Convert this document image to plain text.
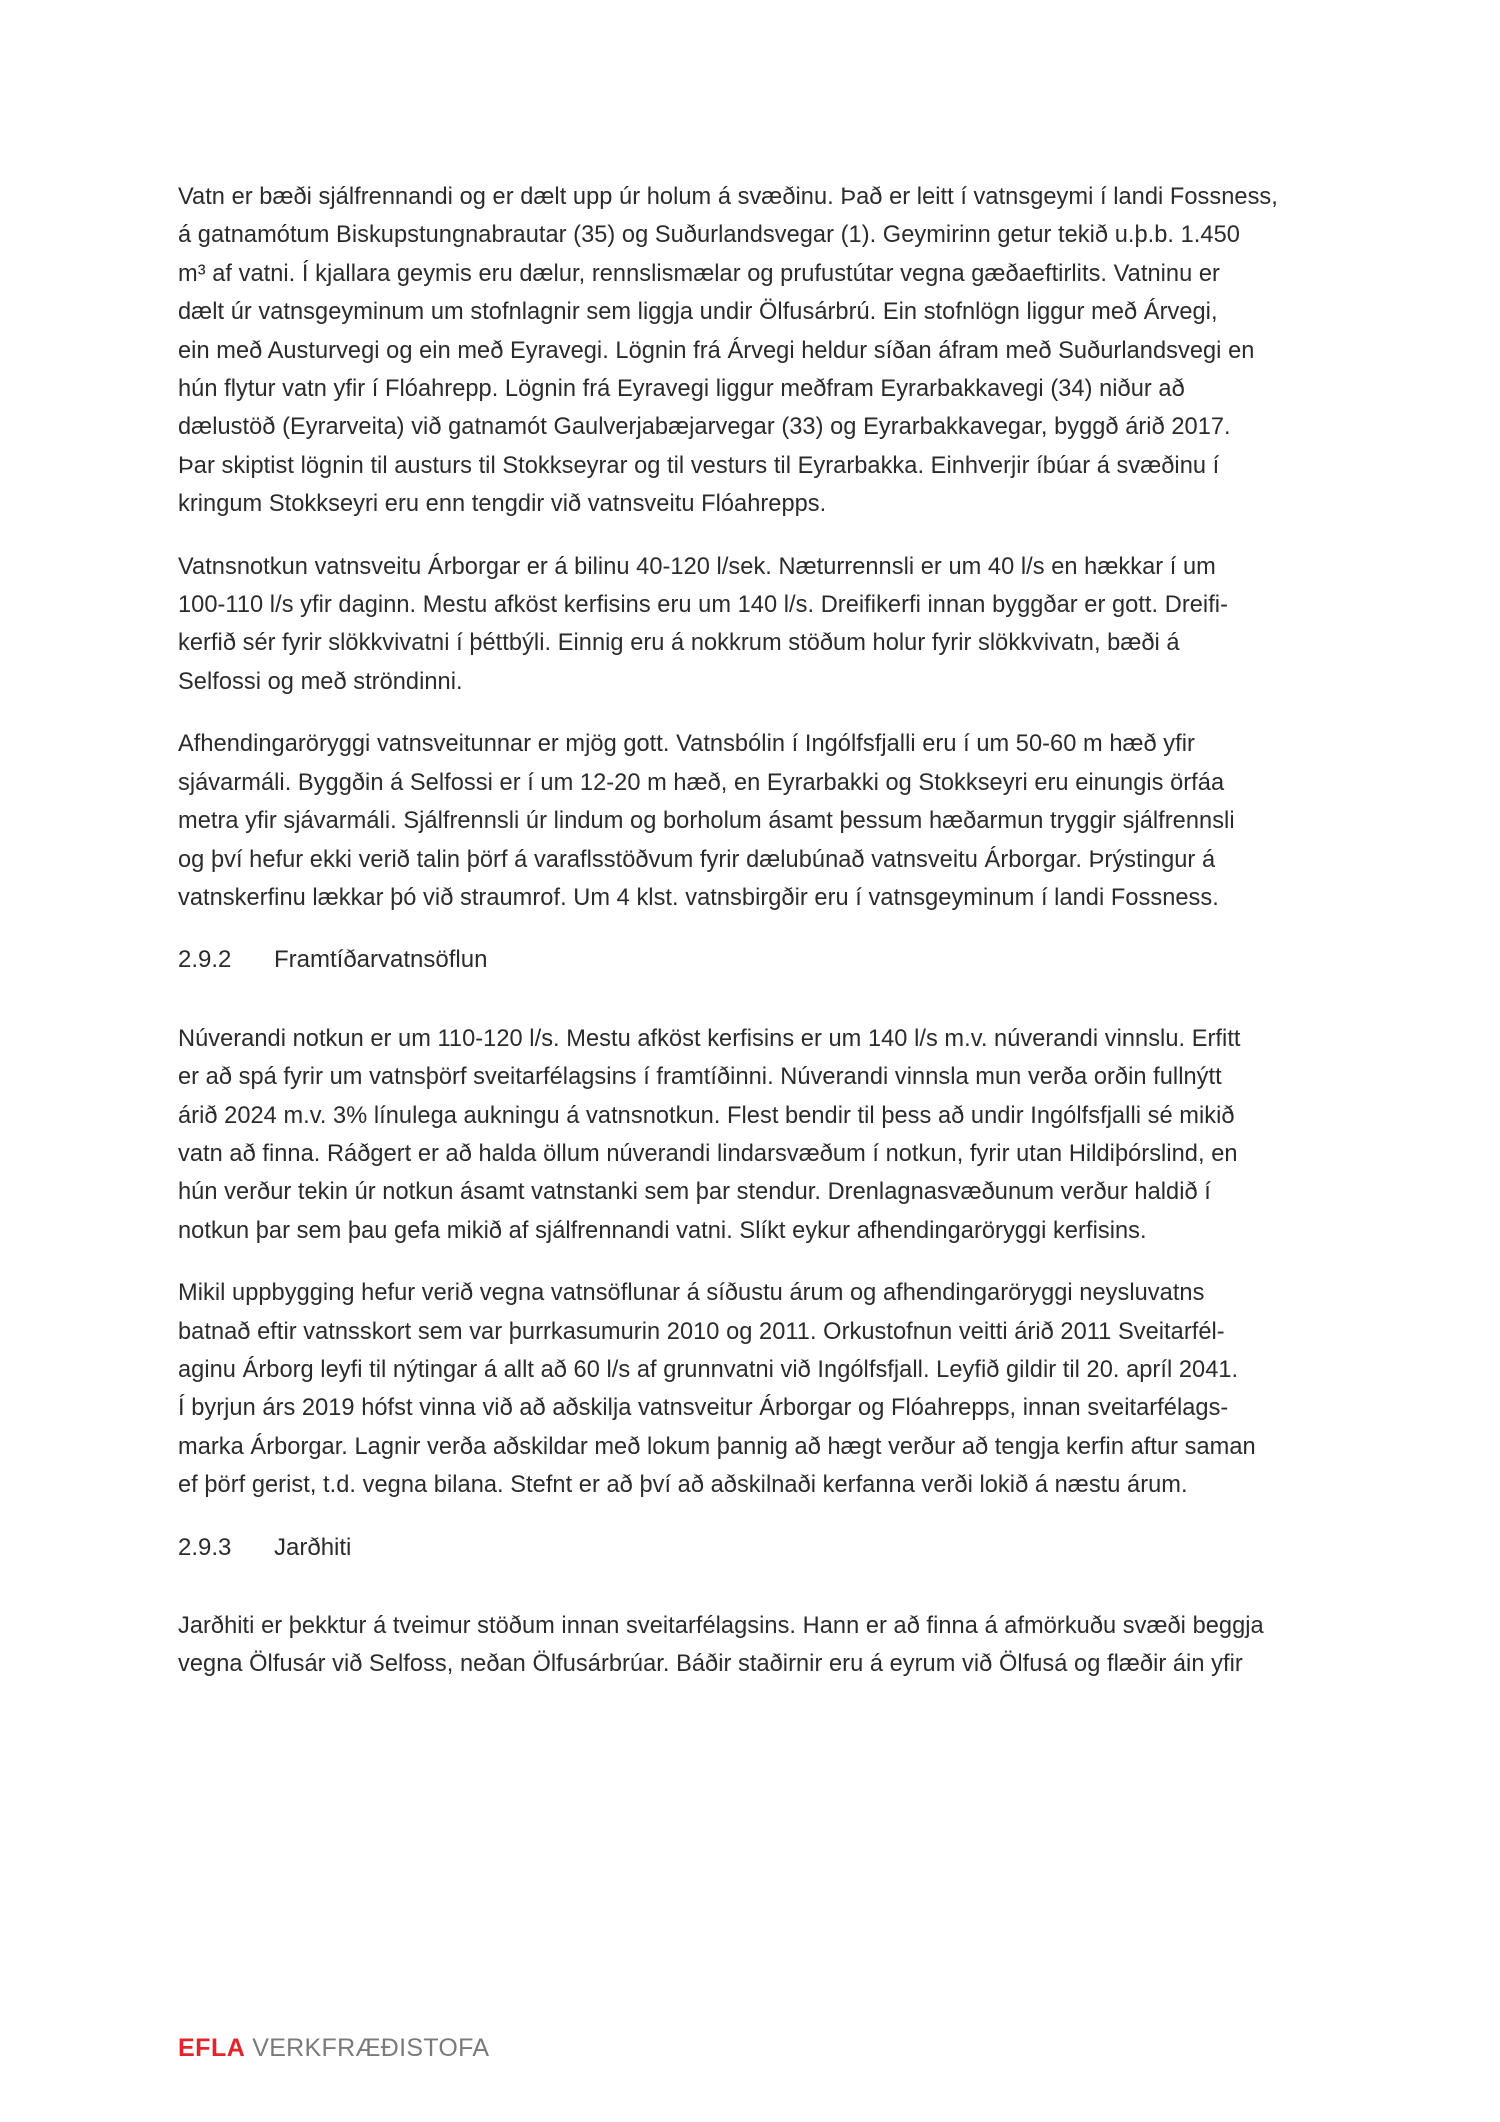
Vatn er bæði sjálfrennandi og er dælt upp úr holum á svæðinu. Það er leitt í vatnsgeymi í landi Fossness,
á gatnamótum Biskupstungnabrautar (35) og Suðurlandsvegar (1). Geymirinn getur tekið u.þ.b. 1.450
m³ af vatni. Í kjallara geymis eru dælur, rennslismælar og prufustútar vegna gæðaeftirlits. Vatninu er
dælt úr vatnsgeyminum um stofnlagnir sem liggja undir Ölfusárbrú. Ein stofnlögn liggur með Árvegi,
ein með Austurvegi og ein með Eyravegi. Lögnin frá Árvegi heldur síðan áfram með Suðurlandsvegi en
hún flytur vatn yfir í Flóahrepp. Lögnin frá Eyravegi liggur meðfram Eyrarbakkavegi (34) niður að
dælustöð (Eyrarveita) við gatnamót Gaulverjabæjarvegar (33) og Eyrarbakkavegar, byggð árið 2017.
Þar skiptist lögnin til austurs til Stokkseyrar og til vesturs til Eyrarbakka. Einhverjir íbúar á svæðinu í
kringum Stokkseyri eru enn tengdir við vatnsveitu Flóahrepps.
Vatnsnotkun vatnsveitu Árborgar er á bilinu 40-120 l/sek. Næturrennsli er um 40 l/s en hækkar í um
100-110 l/s yfir daginn. Mestu afköst kerfisins eru um 140 l/s. Dreifikerfi innan byggðar er gott. Dreifi-
kerfið sér fyrir slökkvivatni í þéttbýli. Einnig eru á nokkrum stöðum holur fyrir slökkvivatn, bæði á
Selfossi og með ströndinni.
Afhendingaröryggi vatnsveitunnar er mjög gott. Vatnsbólin í Ingólfsfjalli eru í um 50-60 m hæð yfir
sjávarmáli. Byggðin á Selfossi er í um 12-20 m hæð, en Eyrarbakki og Stokkseyri eru einungis örfáa
metra yfir sjávarmáli. Sjálfrennsli úr lindum og borholum ásamt þessum hæðarmun tryggir sjálfrennsli
og því hefur ekki verið talin þörf á varaflsstöðvum fyrir dælubúnað vatnsveitu Árborgar. Þrýstingur á
vatnskerfinu lækkar þó við straumrof. Um 4 klst. vatnsbirgðir eru í vatnsgeyminum í landi Fossness.
2.9.2 Framtíðarvatnsöflun
Núverandi notkun er um 110-120 l/s. Mestu afköst kerfisins er um 140 l/s m.v. núverandi vinnslu. Erfitt
er að spá fyrir um vatnsþörf sveitarfélagsins í framtíðinni. Núverandi vinnsla mun verða orðin fullnýtt
árið 2024 m.v. 3% línulega aukningu á vatnsnotkun. Flest bendir til þess að undir Ingólfsfjalli sé mikið
vatn að finna. Ráðgert er að halda öllum núverandi lindarsvæðum í notkun, fyrir utan Hildiþórslind, en
hún verður tekin úr notkun ásamt vatnstanki sem þar stendur. Drenlagnasvæðunum verður haldið í
notkun þar sem þau gefa mikið af sjálfrennandi vatni. Slíkt eykur afhendingaröryggi kerfisins.
Mikil uppbygging hefur verið vegna vatnsöflunar á síðustu árum og afhendingaröryggi neysluvatns
batnað eftir vatnsskort sem var þurrkasumurin 2010 og 2011. Orkustofnun veitti árið 2011 Sveitarfél-
aginu Árborg leyfi til nýtingar á allt að 60 l/s af grunnvatni við Ingólfsfjall. Leyfið gildir til 20. apríl 2041.
Í byrjun árs 2019 hófst vinna við að aðskilja vatnsveitur Árborgar og Flóahrepps, innan sveitarfélags-
marka Árborgar. Lagnir verða aðskildar með lokum þannig að hægt verður að tengja kerfin aftur saman
ef þörf gerist, t.d. vegna bilana. Stefnt er að því að aðskilnaði kerfanna verði lokið á næstu árum.
2.9.3 Jarðhiti
Jarðhiti er þekktur á tveimur stöðum innan sveitarfélagsins. Hann er að finna á afmörkuðu svæði beggja
vegna Ölfusár við Selfoss, neðan Ölfusárbrúar. Báðir staðirnir eru á eyrum við Ölfusá og flæðir áin yfir
EFLA VERKFRÆÐISTOFA
